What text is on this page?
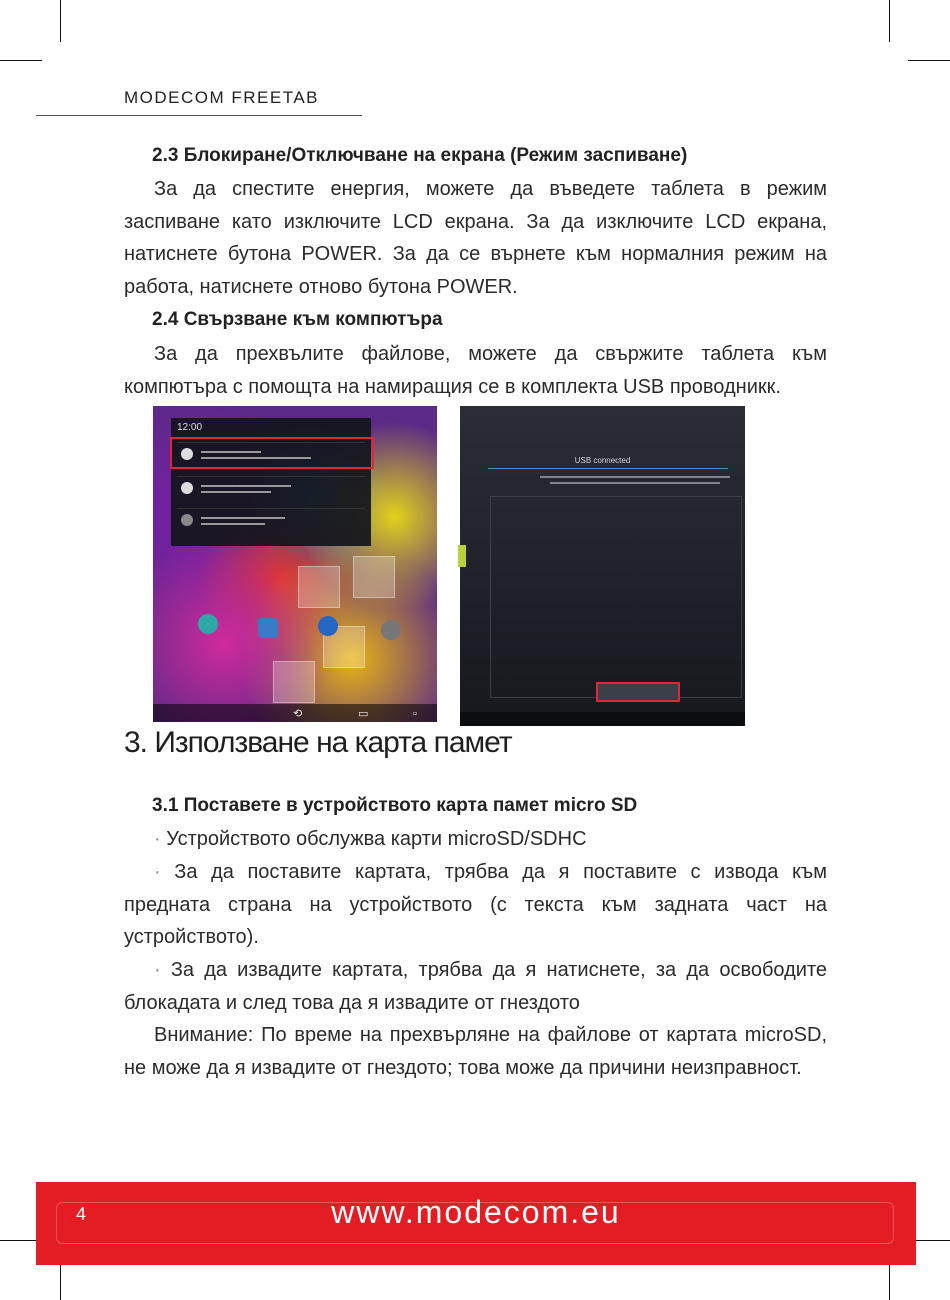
MODECOM FREETAB
2.3 Блокиране/Отключване на екрана (Режим заспиване)

За да спестите енергия, можете да въведете таблета в режим заспиване като изключите LCD екрана. За да изключите LCD екрана, натиснете бутона POWER. За да се върнете към нормалния режим на работа, натиснете отново бутона POWER.

2.4 Свързване към компютъра

За да прехвълите файлове, можете да свържите таблета към компютъра с помощта на намиращия се в комплекта USB проводникк.

12:00
⟲	▭	▫
USB connected
3. Използване на карта памет
3.1 Поставете в устройството карта памет micro SD

· Устройството обслужва карти microSD/SDHC

· За да поставите картата, трябва да я поставите с извода към предната страна на устройството (с текста към задната част на устройството).

· За да извадите картата, трябва да я натиснете, за да освободите блокадата и след това да я извадите от гнездото

Внимание: По време на прехвърляне на файлове от картата microSD, не може да я извадите от гнездото; това може да причини неизправност.

4	www.modecom.eu
